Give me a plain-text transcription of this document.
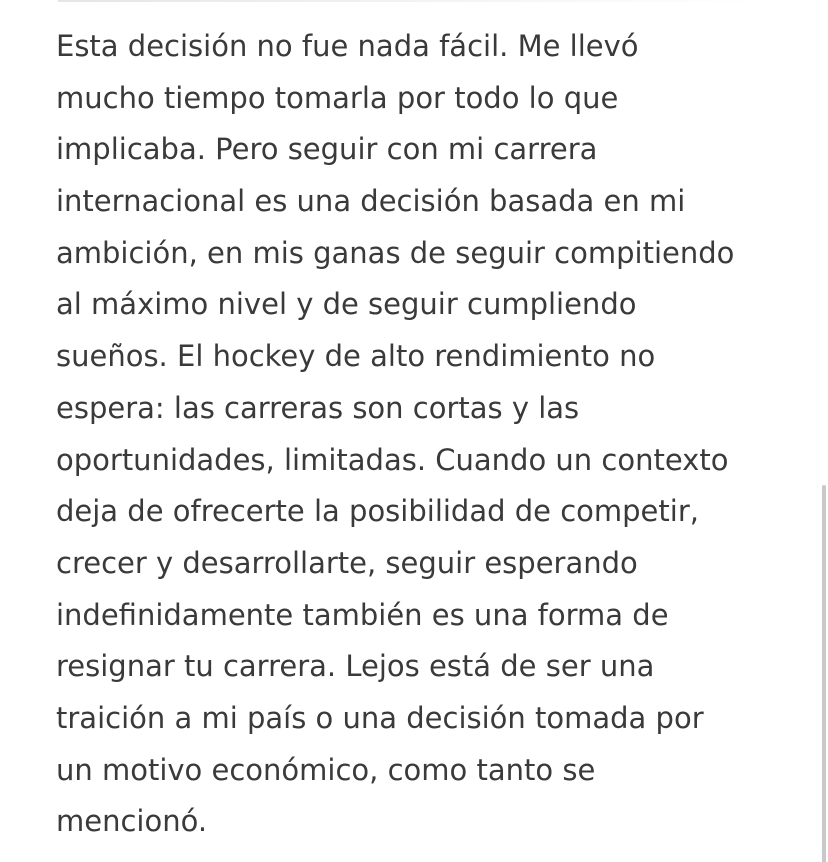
Esta decisión no fue nada fácil. Me llevó
mucho tiempo tomarla por todo lo que
implicaba. Pero seguir con mi carrera
internacional es una decisión basada en mi
ambición, en mis ganas de seguir compitiendo
al máximo nivel y de seguir cumpliendo
sueños. El hockey de alto rendimiento no
espera: las carreras son cortas y las
oportunidades, limitadas. Cuando un contexto
deja de ofrecerte la posibilidad de competir,
crecer y desarrollarte, seguir esperando
indefinidamente también es una forma de
resignar tu carrera. Lejos está de ser una
traición a mi país o una decisión tomada por
un motivo económico, como tanto se
mencionó.
